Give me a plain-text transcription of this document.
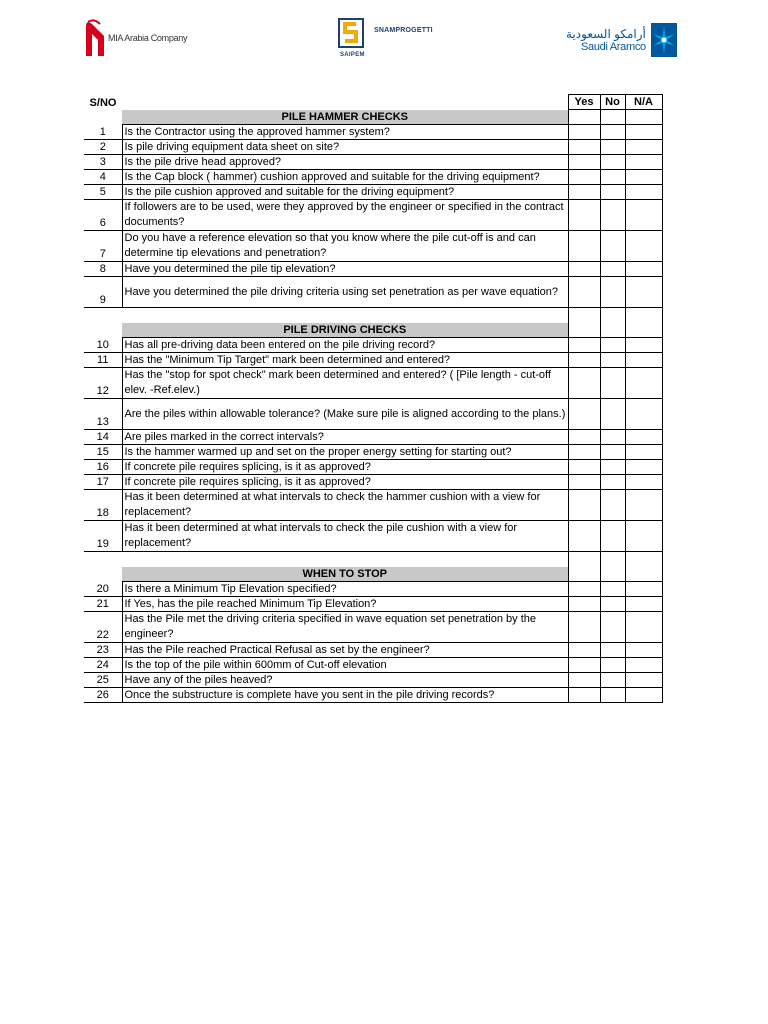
MIA Arabia Company
SNAMPROGETTI
SAIPEM
أرامكو السعودية
Saudi Aramco
S/NO		Yes	No	N/A
	PILE HAMMER CHECKS			
1	Is the Contractor using the approved hammer system?			
2	Is pile driving equipment data sheet on site?			
3	Is the pile drive head approved?			
4	Is the Cap block ( hammer) cushion approved and suitable for the driving equipment?			
5	Is the pile cushion approved and suitable for the driving equipment?			
6	If followers are to be used, were they approved by the engineer or specified in the contract documents?			
7	Do you have a reference elevation so that you know where the pile cut-off is and can determine tip elevations and penetration?			
8	Have you determined the pile tip elevation?			
9	Have you determined the pile driving criteria using set penetration as per wave equation?			

	PILE DRIVING CHECKS			
10	Has all pre-driving data been entered on the pile driving record?			
11	Has the "Minimum Tip Target" mark been determined and entered?			
12	Has the "stop for spot check" mark been determined and entered? ( [Pile length - cut-off elev. -Ref.elev.)			
13	Are the piles within allowable tolerance? (Make sure pile is aligned according to the plans.)			
14	Are piles marked in the correct intervals?			
15	Is the hammer warmed up and set on the proper energy setting for starting out?			
16	If concrete pile requires splicing, is it as approved?			
17	If concrete pile requires splicing, is it as approved?			
18	Has it been determined at what intervals to check the hammer cushion with a view for replacement?			
19	Has it been determined at what intervals to check the pile cushion with a view for replacement?			

	WHEN TO STOP			
20	Is there a Minimum Tip Elevation specified?			
21	If Yes, has the pile reached Minimum Tip Elevation?			
22	Has the Pile met the driving criteria specified in wave equation set penetration by the engineer?			
23	Has the Pile reached Practical Refusal as set by the engineer?			
24	Is the top of the pile within 600mm of Cut-off elevation			
25	Have any of the piles heaved?			
26	Once the substructure is complete have you sent in the pile driving records?			
